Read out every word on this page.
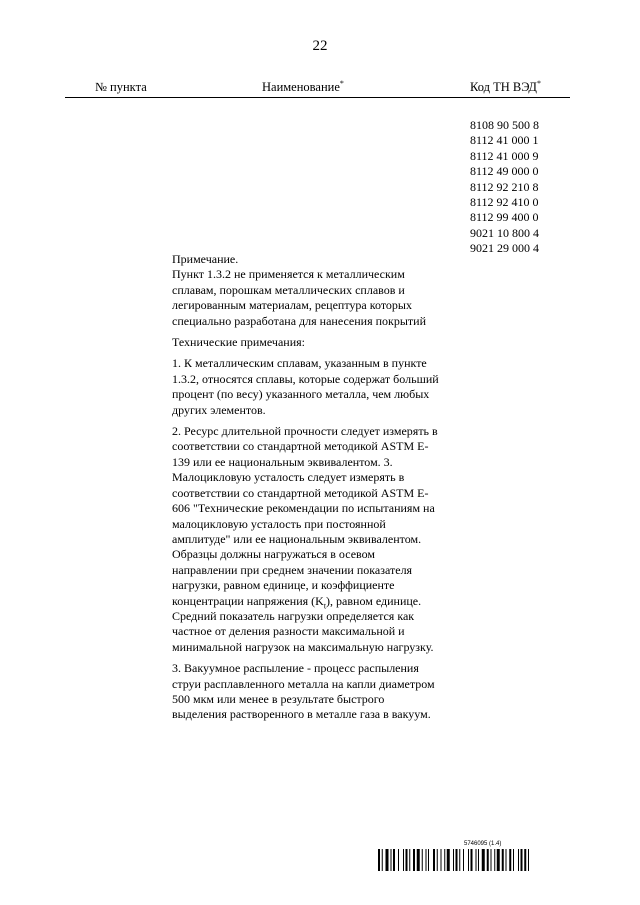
22
№ пункта	Наименование*	Код ТН ВЭД*
8108 90 500 8
8112 41 000 1
8112 41 000 9
8112 49 000 0
8112 92 210 8
8112 92 410 0
8112 99 400 0
9021 10 800 4
9021 29 000 4

Примечание.

Пункт 1.3.2 не применяется к металлическим сплавам, порошкам металлических сплавов и легированным материалам, рецептура которых специально разработана для нанесения покрытий

Технические примечания:

1. К металлическим сплавам, указанным в пункте 1.3.2, относятся сплавы, которые содержат больший процент (по весу) указанного металла, чем любых других элементов.

2. Ресурс длительной прочности следует измерять в соответствии со стандартной методикой ASTM E-139 или ее национальным эквивалентом. 3. Малоцикловую усталость следует измерять в соответствии со стандартной методикой ASTM E-606 "Технические рекомендации по испытаниям на малоцикловую усталость при постоянной амплитуде" или ее национальным эквивалентом. Образцы должны нагружаться в осевом направлении при среднем значении показателя нагрузки, равном единице, и коэффициенте концентрации напряжения $(K_t)$, равном единице. Средний показатель нагрузки определяется как частное от деления разности максимальной и минимальной нагрузок на максимальную нагрузку.

3. Вакуумное распыление - процесс распыления струи расплавленного металла на капли диаметром 500 мкм или менее в результате быстрого выделения растворенного в металле газа в вакуум.

5746095 (1.4)
